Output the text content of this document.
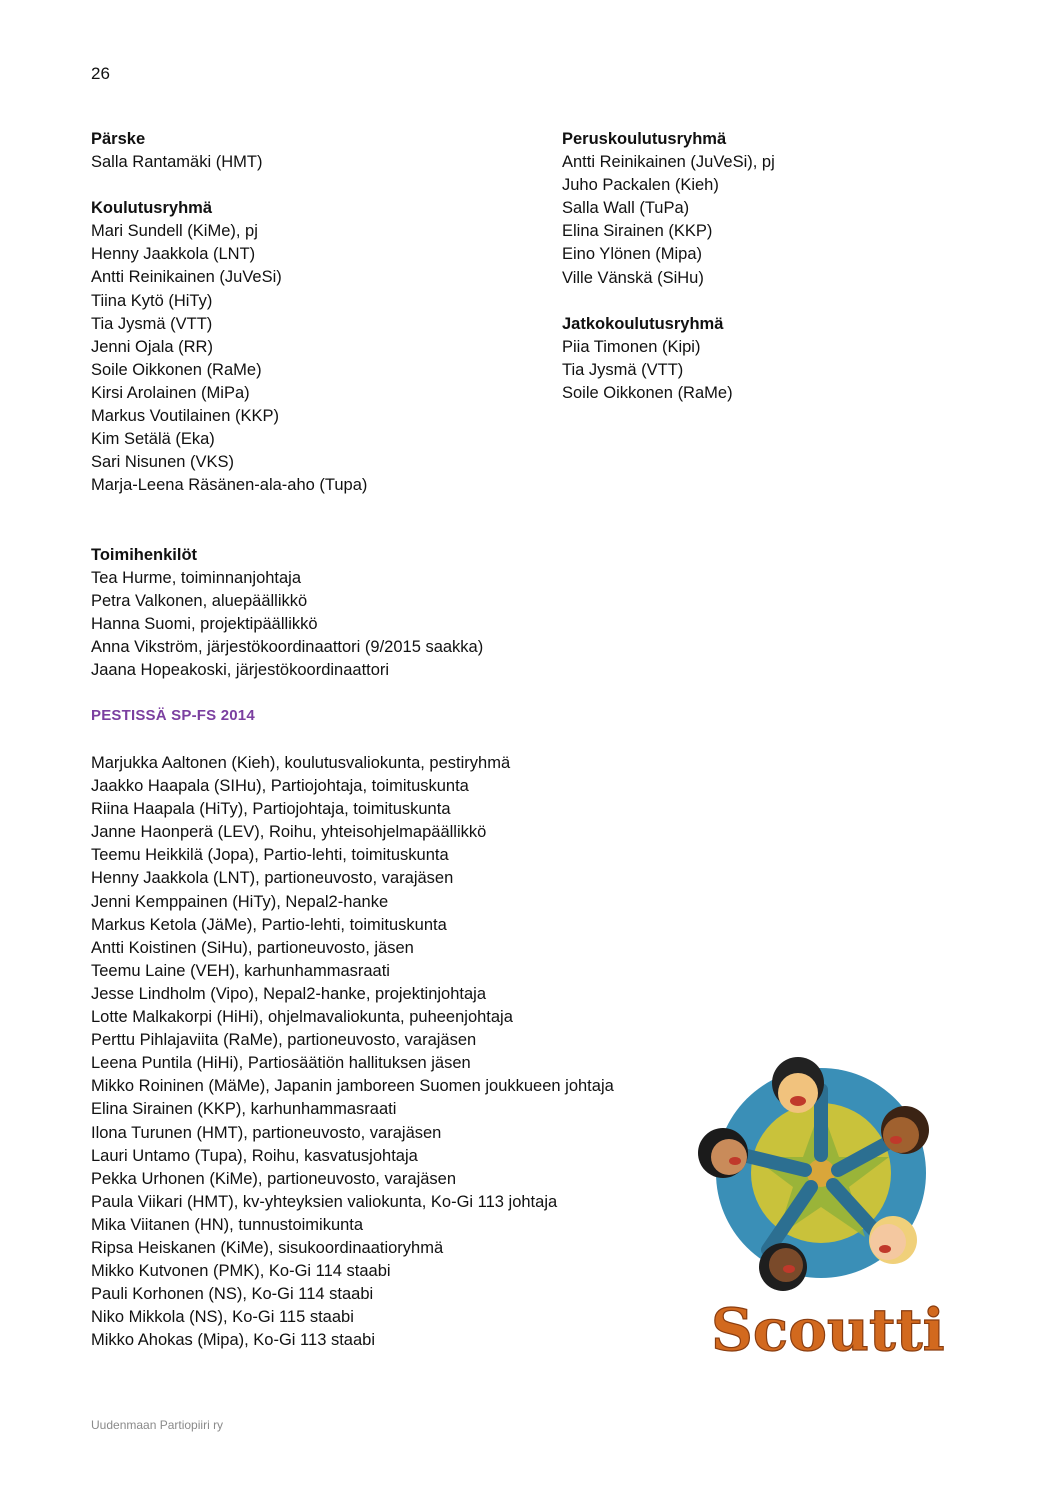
26
Pärske
Salla Rantamäki (HMT)
Koulutusryhmä
Mari Sundell (KiMe), pj
Henny Jaakkola (LNT)
Antti Reinikainen (JuVeSi)
Tiina Kytö (HiTy)
Tia Jysmä (VTT)
Jenni Ojala (RR)
Soile Oikkonen (RaMe)
Kirsi Arolainen (MiPa)
Markus Voutilainen (KKP)
Kim Setälä (Eka)
Sari Nisunen (VKS)
Marja-Leena Räsänen-ala-aho (Tupa)
Peruskoulutusryhmä
Antti Reinikainen (JuVeSi), pj
Juho Packalen (Kieh)
Salla Wall (TuPa)
Elina Sirainen (KKP)
Eino Ylönen (Mipa)
Ville Vänskä (SiHu)
Jatkokoulutusryhmä
Piia Timonen (Kipi)
Tia Jysmä (VTT)
Soile Oikkonen (RaMe)
Toimihenkilöt
Tea Hurme, toiminnanjohtaja
Petra Valkonen, aluepäällikkö
Hanna Suomi, projektipäällikkö
Anna Vikström, järjestökoordinaattori (9/2015 saakka)
Jaana Hopeakoski, järjestökoordinaattori
PESTISSÄ SP-FS 2014
Marjukka Aaltonen (Kieh), koulutusvaliokunta, pestiryhmä
Jaakko Haapala (SIHu), Partiojohtaja, toimituskunta
Riina Haapala (HiTy), Partiojohtaja, toimituskunta
Janne Haonperä (LEV), Roihu, yhteisohjelmapäällikkö
Teemu Heikkilä (Jopa), Partio-lehti, toimituskunta
Henny Jaakkola (LNT), partioneuvosto, varajäsen
Jenni Kemppainen (HiTy), Nepal2-hanke
Markus Ketola (JäMe), Partio-lehti, toimituskunta
Antti Koistinen (SiHu), partioneuvosto, jäsen
Teemu Laine (VEH), karhunhammasraati
Jesse Lindholm (Vipo), Nepal2-hanke, projektinjohtaja
Lotte Malkakorpi (HiHi), ohjelmavaliokunta, puheenjohtaja
Perttu Pihlajaviita (RaMe), partioneuvosto, varajäsen
Leena Puntila (HiHi), Partiosäätiön hallituksen jäsen
Mikko Roininen (MäMe), Japanin jamboreen Suomen joukkueen johtaja
Elina Sirainen (KKP), karhunhammasraati
Ilona Turunen (HMT), partioneuvosto, varajäsen
Lauri Untamo (Tupa), Roihu, kasvatusjohtaja
Pekka Urhonen (KiMe), partioneuvosto, varajäsen
Paula Viikari (HMT), kv-yhteyksien valiokunta, Ko-Gi 113 johtaja
Mika Viitanen (HN), tunnustoimikunta
Ripsa Heiskanen (KiMe), sisukoordinaatioryhmä
Mikko Kutvonen (PMK), Ko-Gi 114 staabi
Pauli Korhonen (NS), Ko-Gi 114 staabi
Niko Mikkola (NS), Ko-Gi 115 staabi
Mikko Ahokas (Mipa), Ko-Gi 113 staabi	Scoutti
Uudenmaan Partiopiiri ry
